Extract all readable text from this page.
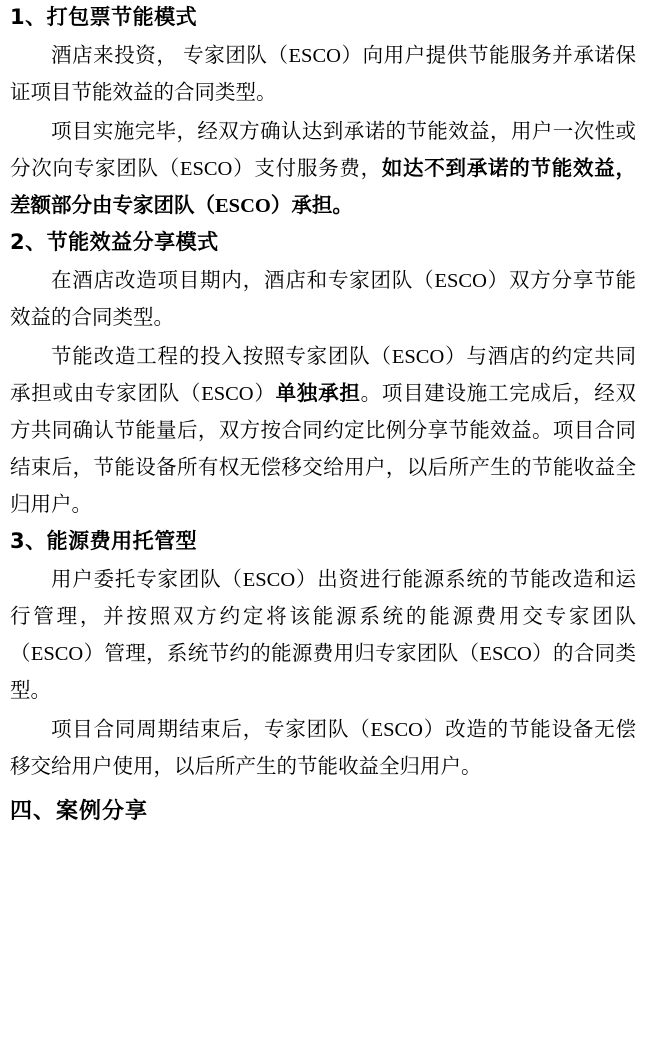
1、打包票节能模式

酒店来投资， 专家团队（ESCO）向用户提供节能服务并承诺保证项目节能效益的合同类型。

项目实施完毕，经双方确认达到承诺的节能效益，用户一次性或分次向专家团队（ESCO）支付服务费，如达不到承诺的节能效益，差额部分由专家团队（ESCO）承担。

2、节能效益分享模式

在酒店改造项目期内，酒店和专家团队（ESCO）双方分享节能效益的合同类型。

节能改造工程的投入按照专家团队（ESCO）与酒店的约定共同承担或由专家团队（ESCO）单独承担。项目建设施工完成后，经双方共同确认节能量后，双方按合同约定比例分享节能效益。项目合同结束后，节能设备所有权无偿移交给用户，以后所产生的节能收益全归用户。

3、能源费用托管型

用户委托专家团队（ESCO）出资进行能源系统的节能改造和运行管理，并按照双方约定将该能源系统的能源费用交专家团队（ESCO）管理，系统节约的能源费用归专家团队（ESCO）的合同类型。

项目合同周期结束后，专家团队（ESCO）改造的节能设备无偿移交给用户使用，以后所产生的节能收益全归用户。

四、案例分享
